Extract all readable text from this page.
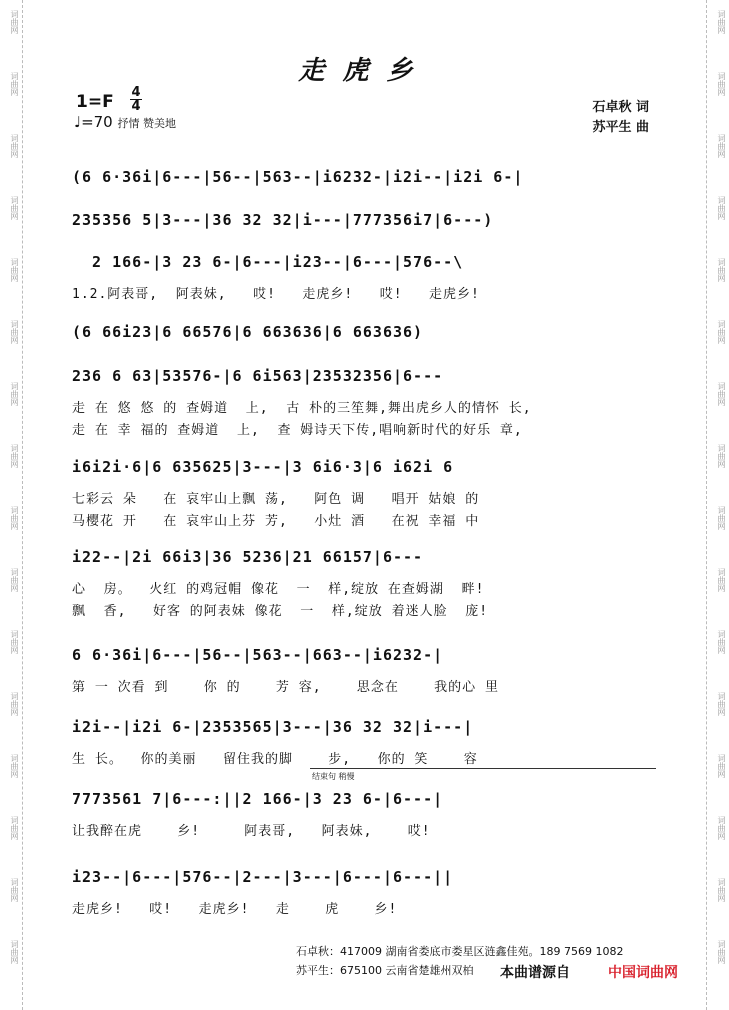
词曲网
词曲网
词曲网
词曲网
词曲网
词曲网
词曲网
词曲网
词曲网
词曲网
词曲网
词曲网
词曲网
词曲网
词曲网
词曲网
词曲网
词曲网
词曲网
词曲网
词曲网
词曲网
词曲网
词曲网
词曲网
词曲网
词曲网
词曲网
词曲网
词曲网
词曲网
词曲网
走虎乡
1=F 4
4
♩=70 抒情 赞美地
石卓秋 词
苏平生 曲
(6 6·36i|6---|56--|563--|i6232-|i2i--|i2i 6-|
235356 5|3---|36 32 32|i---|777356i7|6---)
2 166-|3 23 6-|6---|i23--|6---|576--\
1.2.阿表哥,  阿表妹,   哎!   走虎乡!   哎!   走虎乡!
(6 66i23|6 66576|6 663636|6 663636)
236 6 63|53576-|6 6i563|23532356|6---
走 在 悠 悠 的 查姆道  上,  古 朴的三笙舞,舞出虎乡人的情怀 长,
走 在 幸 福的 查姆道  上,  查 姆诗天下传,唱响新时代的好乐 章,
i6i2i·6|6 635625|3---|3 6i6·3|6 i62i 6
七彩云 朵   在 哀牢山上飘 荡,   阿色 调   唱开 姑娘 的
马樱花 开   在 哀牢山上芬 芳,   小灶 酒   在祝 幸福 中
i22--|2i 66i3|36 5236|21 66157|6---
心  房。  火红 的鸡冠帽 像花  一  样,绽放 在查姆湖  畔!
飘  香,   好客 的阿表妹 像花  一  样,绽放 着迷人脸  庞!
6 6·36i|6---|56--|563--|663--|i6232-|
第 一 次看 到    你 的    芳 容,    思念在    我的心 里
i2i--|i2i 6-|2353565|3---|36 32 32|i---|
生 长。  你的美丽   留住我的脚    步,   你的 笑    容
7773561 7|6---:||2 166-|3 23 6-|6---|
让我醉在虎    乡!     阿表哥,   阿表妹,    哎!
i23--|6---|576--|2---|3---|6---|6---||
走虎乡!   哎!   走虎乡!   走    虎    乡!
结束句 稍慢
石卓秋：417009 湖南省娄底市娄星区涟鑫佳苑。189 7569 1082
苏平生：675100 云南省楚雄州双柏 本曲谱源自	中国词曲网
